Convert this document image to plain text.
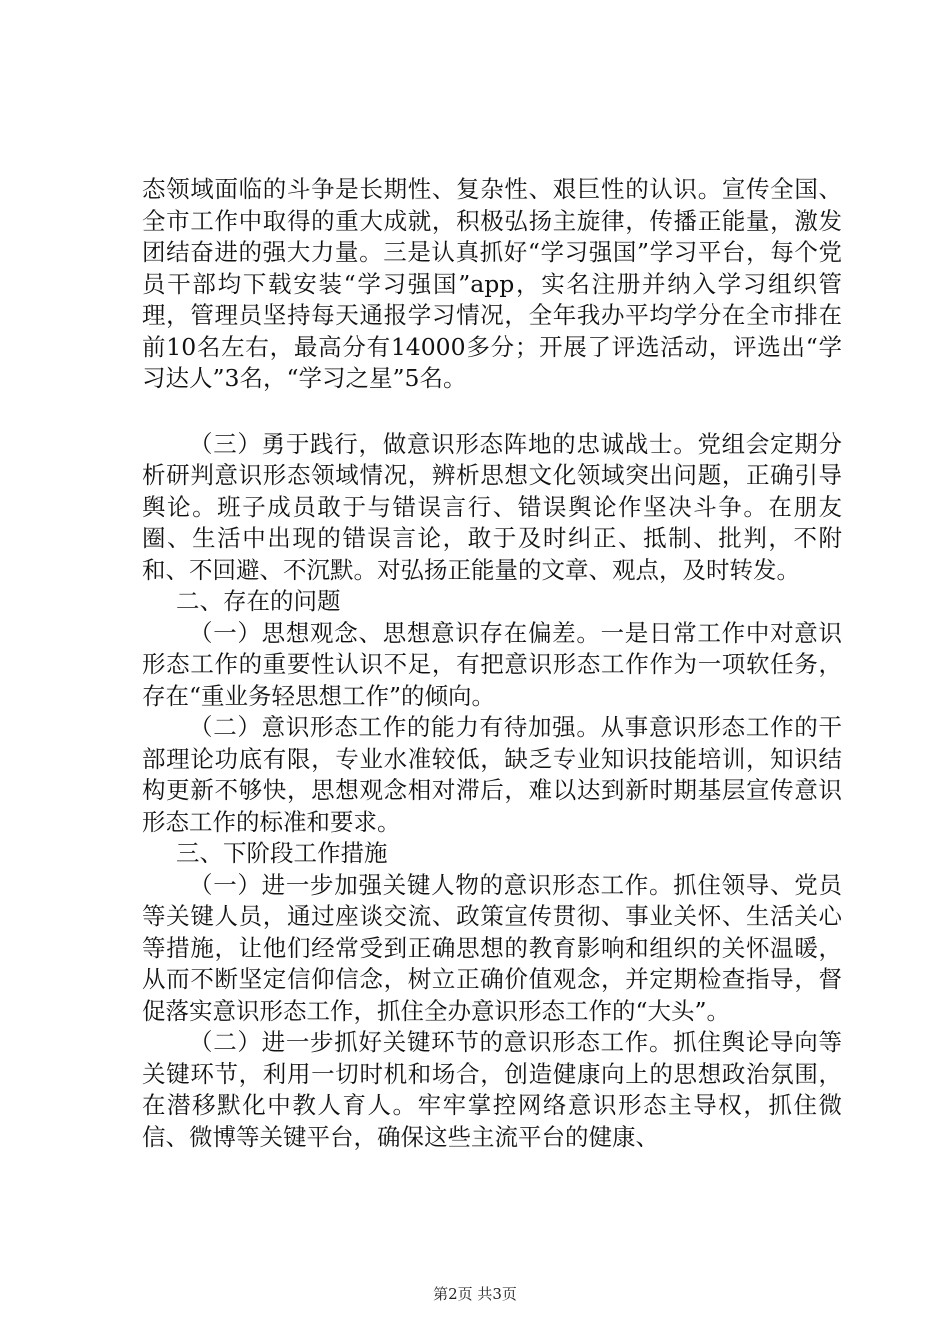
态领域面临的斗争是长期性、复杂性、艰巨性的认识。宣传全国、全市工作中取得的重大成就，积极弘扬主旋律，传播正能量，激发团结奋进的强大力量。三是认真抓好“学习强国”学习平台，每个党员干部均下载安装“学习强国”app，实名注册并纳入学习组织管理，管理员坚持每天通报学习情况，全年我办平均学分在全市排在前10名左右，最高分有14000多分；开展了评选活动，评选出“学习达人”3名，“学习之星”5名。

（三）勇于践行，做意识形态阵地的忠诚战士。党组会定期分析研判意识形态领域情况，辨析思想文化领域突出问题，正确引导舆论。班子成员敢于与错误言行、错误舆论作坚决斗争。在朋友圈、生活中出现的错误言论，敢于及时纠正、抵制、批判，不附和、不回避、不沉默。对弘扬正能量的文章、观点，及时转发。

二、存在的问题

（一）思想观念、思想意识存在偏差。一是日常工作中对意识形态工作的重要性认识不足，有把意识形态工作作为一项软任务，存在“重业务轻思想工作”的倾向。

（二）意识形态工作的能力有待加强。从事意识形态工作的干部理论功底有限，专业水准较低，缺乏专业知识技能培训，知识结构更新不够快，思想观念相对滞后，难以达到新时期基层宣传意识形态工作的标准和要求。

三、下阶段工作措施

（一）进一步加强关键人物的意识形态工作。抓住领导、党员等关键人员，通过座谈交流、政策宣传贯彻、事业关怀、生活关心等措施，让他们经常受到正确思想的教育影响和组织的关怀温暖，从而不断坚定信仰信念，树立正确价值观念，并定期检查指导，督促落实意识形态工作，抓住全办意识形态工作的“大头”。

（二）进一步抓好关键环节的意识形态工作。抓住舆论导向等关键环节，利用一切时机和场合，创造健康向上的思想政治氛围，在潜移默化中教人育人。牢牢掌控网络意识形态主导权，抓住微信、微博等关键平台，确保这些主流平台的健康、

第2页 共3页
